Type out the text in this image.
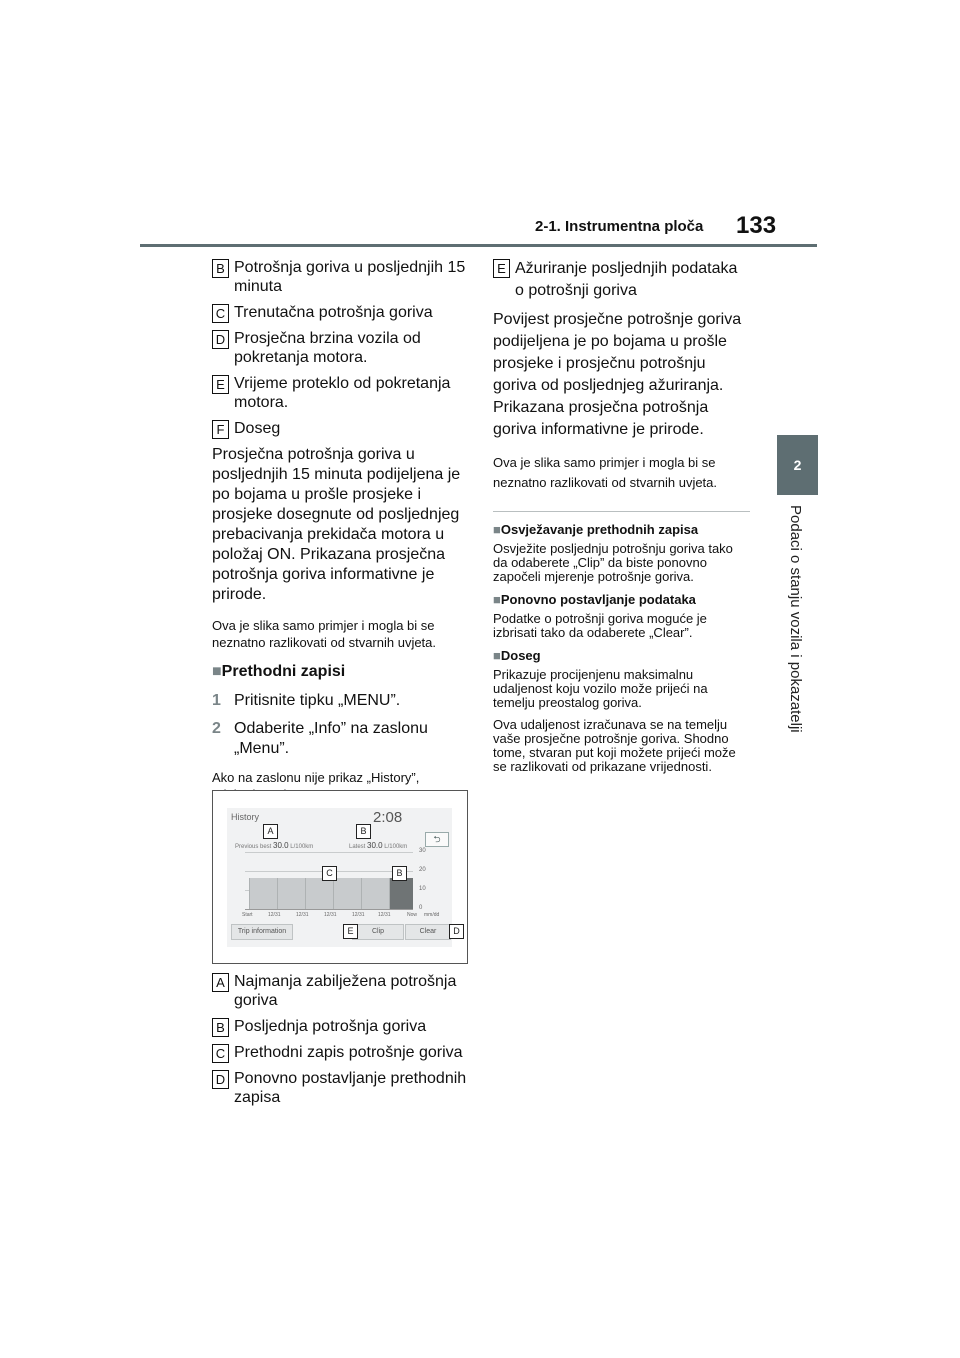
2-1. Instrumentna ploča 133
2
Podaci o stanju vozila i pokazatelji
B Potrošnja goriva u posljednjih 15 minuta
C Trenutačna potrošnja goriva
D Prosječna brzina vozila od pokretanja motora.
E Vrijeme proteklo od pokretanja motora.
F Doseg

Prosječna potrošnja goriva u posljednjih 15 minuta podijeljena je po bojama u prošle prosjeke i prosjeke dosegnute od posljednjeg prebacivanja prekidača motora u položaj ON. Prikazana prosječna potrošnja goriva informativne je prirode.

Ova je slika samo primjer i mogla bi se neznatno razlikovati od stvarnih uvjeta.

■Prethodni zapisi
1 Pritisnite tipku „MENU”.
2 Odaberite „Info” na zaslonu „Menu”.

Ako na zaslonu nije prikaz „History”,

History	2:08
⮌
Previous best 30.0 L/100km	Latest 30.0 L/100km
30
20
10
0
Start	12/31	12/31	12/31	12/31	12/31	Now mm/dd
Trip information	Clip	Clear
A	B
C	B
E	D
A Najmanja zabilježena potrošnja goriva
B Posljednja potrošnja goriva
C Prethodni zapis potrošnje goriva
D Ponovno postavljanje prethodnih zapisa
E Ažuriranje posljednjih podataka o potrošnji goriva

Povijest prosječne potrošnje goriva podijeljena je po bojama u prošle prosjeke i prosječnu potrošnju goriva od posljednjeg ažuriranja. Prikazana prosječna potrošnja goriva informativne je prirode.

Ova je slika samo primjer i mogla bi se neznatno razlikovati od stvarnih uvjeta.

■Osvježavanje prethodnih zapisa

Osvježite posljednju potrošnju goriva tako da odaberete „Clip” da biste ponovno započeli mjerenje potrošnje goriva.

■Ponovno postavljanje podataka

Podatke o potrošnji goriva moguće je izbrisati tako da odaberete „Clear”.

■Doseg

Prikazuje procijenjenu maksimalnu udaljenost koju vozilo može prijeći na temelju preostalog goriva.

Ova udaljenost izračunava se na temelju vaše prosječne potrošnje goriva. Shodno tome, stvaran put koji možete prijeći može se razlikovati od prikazane vrijednosti.
